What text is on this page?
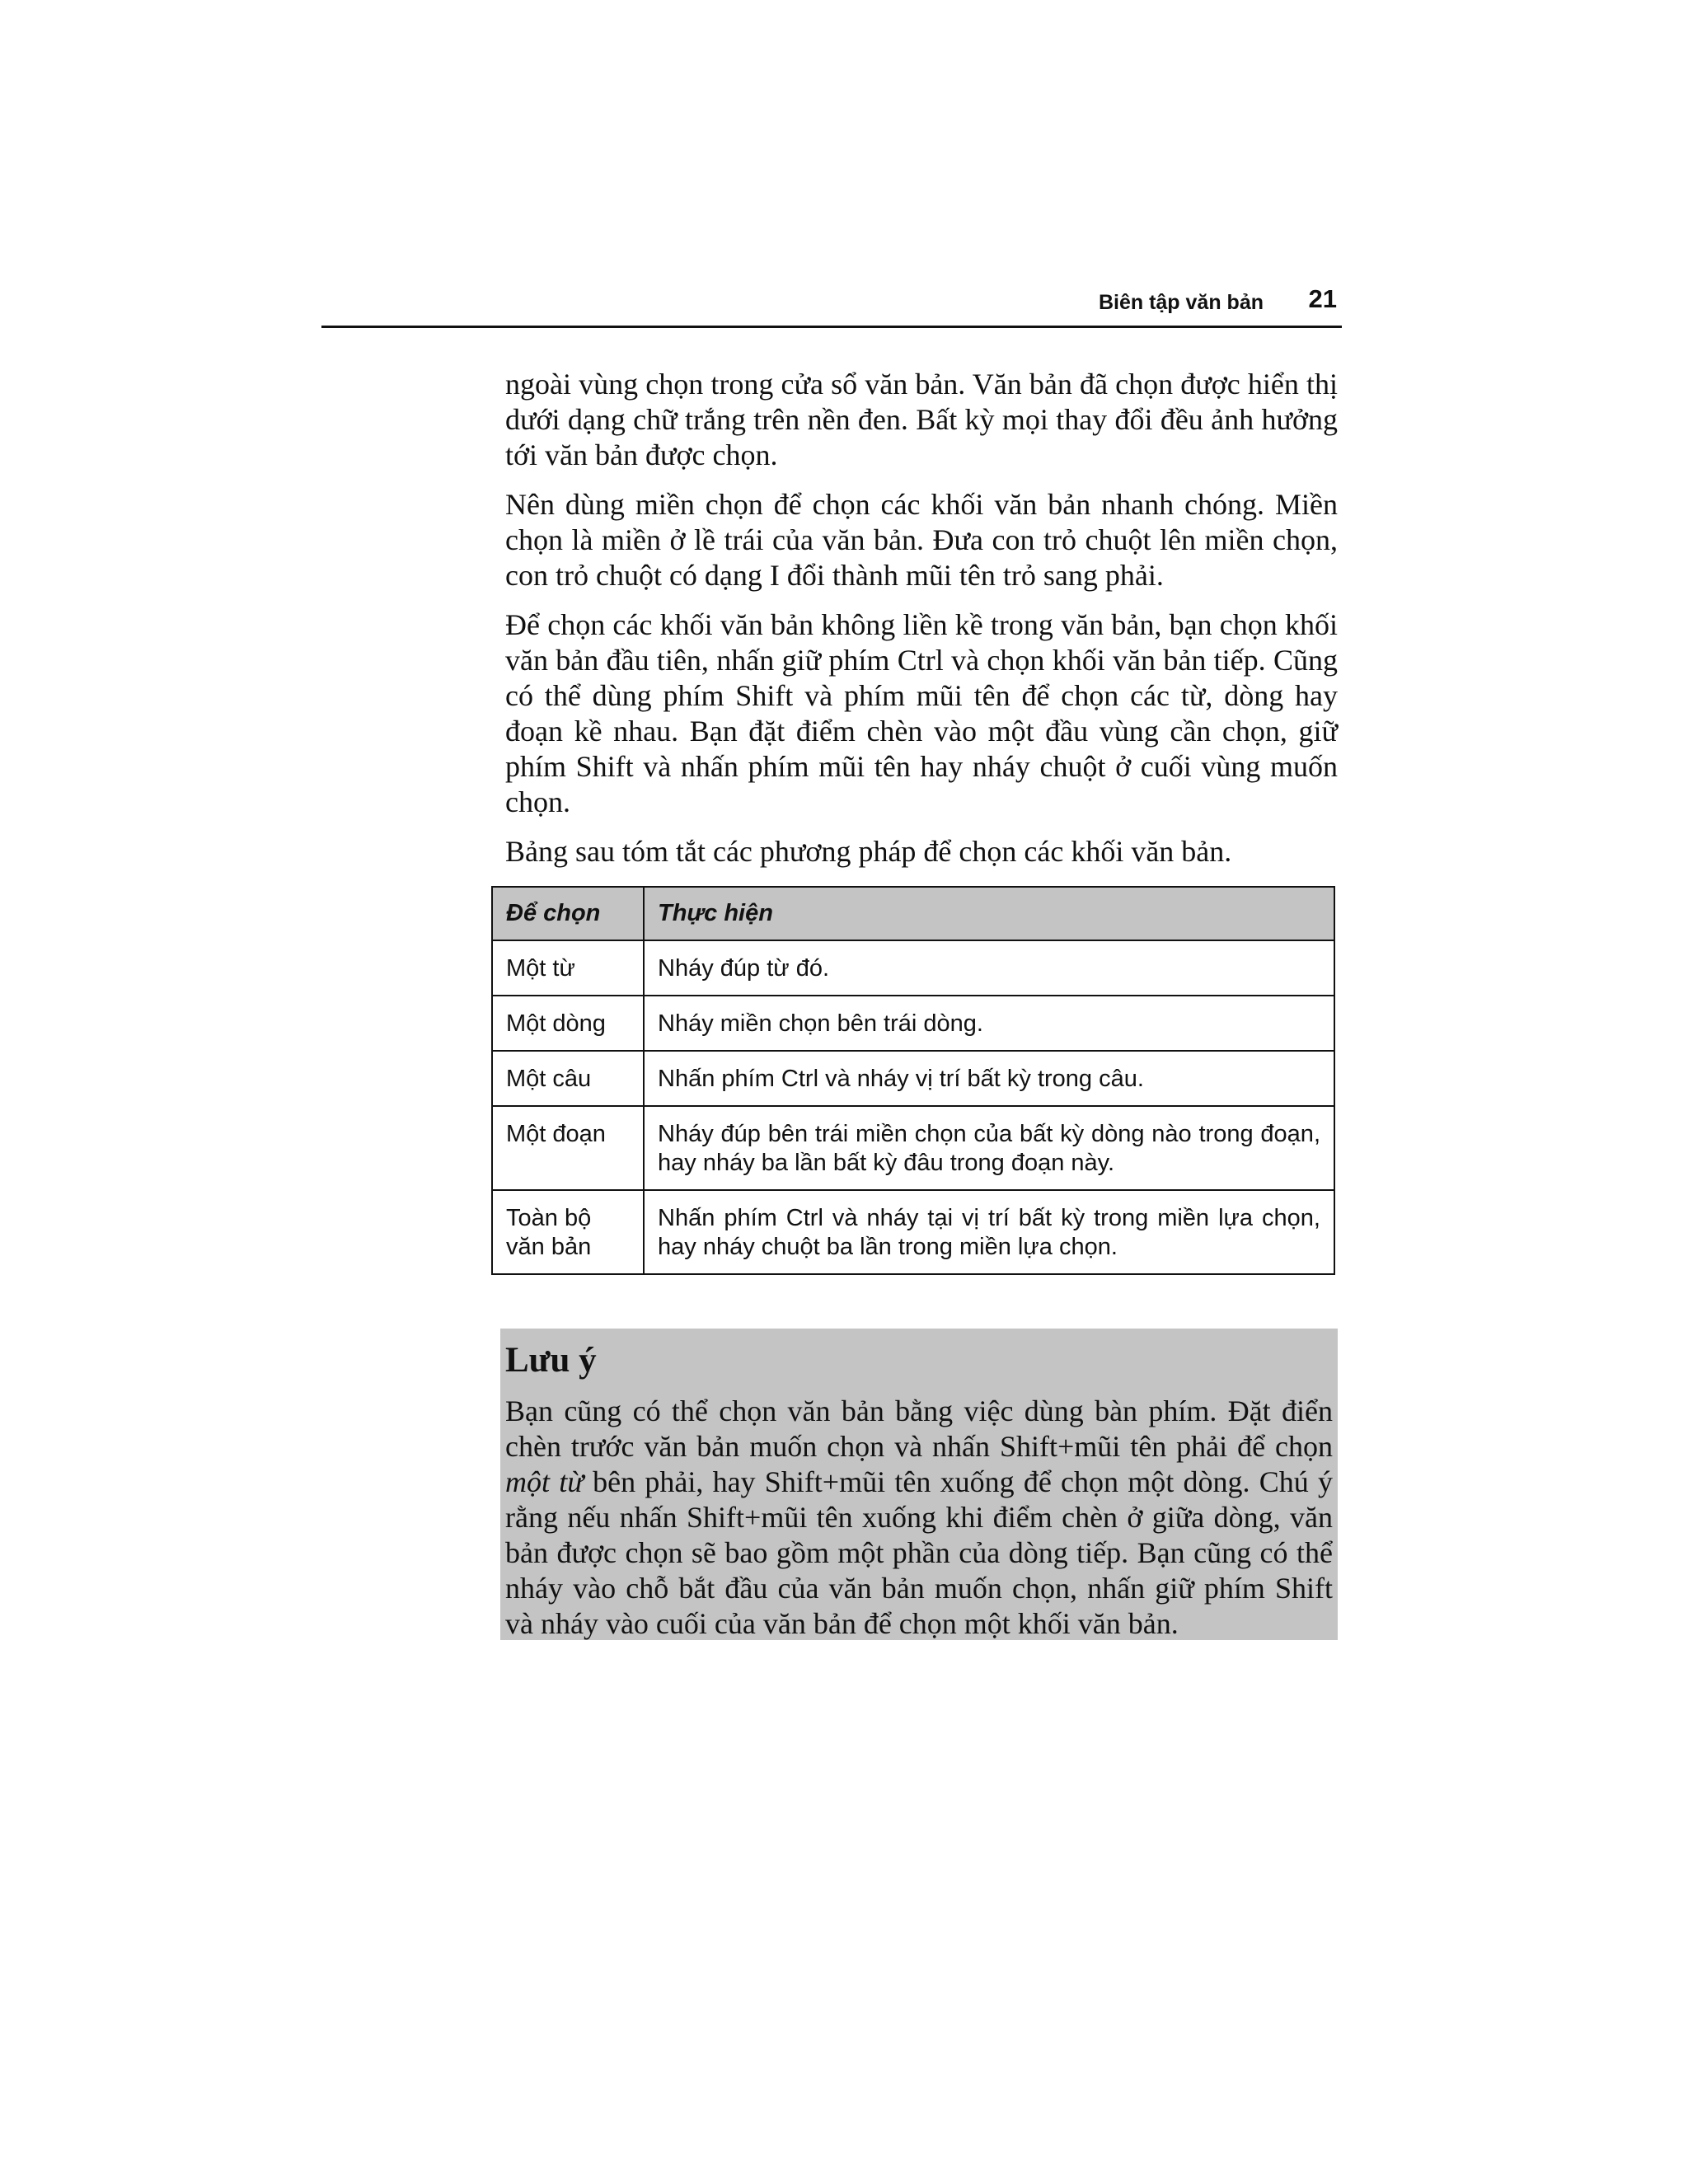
Biên tập văn bản 21

ngoài vùng chọn trong cửa sổ văn bản. Văn bản đã chọn được hiển thị dưới dạng chữ trắng trên nền đen. Bất kỳ mọi thay đổi đều ảnh hưởng tới văn bản được chọn.

Nên dùng miền chọn để chọn các khối văn bản nhanh chóng. Miền chọn là miền ở lề trái của văn bản. Đưa con trỏ chuột lên miền chọn, con trỏ chuột có dạng I đổi thành mũi tên trỏ sang phải.

Để chọn các khối văn bản không liền kề trong văn bản, bạn chọn khối văn bản đầu tiên, nhấn giữ phím Ctrl và chọn khối văn bản tiếp. Cũng có thể dùng phím Shift và phím mũi tên để chọn các từ, dòng hay đoạn kề nhau. Bạn đặt điểm chèn vào một đầu vùng cần chọn, giữ phím Shift và nhấn phím mũi tên hay nháy chuột ở cuối vùng muốn chọn.

Bảng sau tóm tắt các phương pháp để chọn các khối văn bản.

Để chọn	Thực hiện
Một từ	Nháy đúp từ đó.
Một dòng	Nháy miền chọn bên trái dòng.
Một câu	Nhấn phím Ctrl và nháy vị trí bất kỳ trong câu.
Một đoạn	Nháy đúp bên trái miền chọn của bất kỳ dòng nào trong đoạn, hay nháy ba lần bất kỳ đâu trong đoạn này.
Toàn bộ văn bản	Nhấn phím Ctrl và nháy tại vị trí bất kỳ trong miền lựa chọn, hay nháy chuột ba lần trong miền lựa chọn.
Lưu ý
Bạn cũng có thể chọn văn bản bằng việc dùng bàn phím. Đặt điển chèn trước văn bản muốn chọn và nhấn Shift+mũi tên phải để chọn một từ bên phải, hay Shift+mũi tên xuống để chọn một dòng. Chú ý rằng nếu nhấn Shift+mũi tên xuống khi điểm chèn ở giữa dòng, văn bản được chọn sẽ bao gồm một phần của dòng tiếp. Bạn cũng có thể nháy vào chỗ bắt đầu của văn bản muốn chọn, nhấn giữ phím Shift và nháy vào cuối của văn bản để chọn một khối văn bản.
